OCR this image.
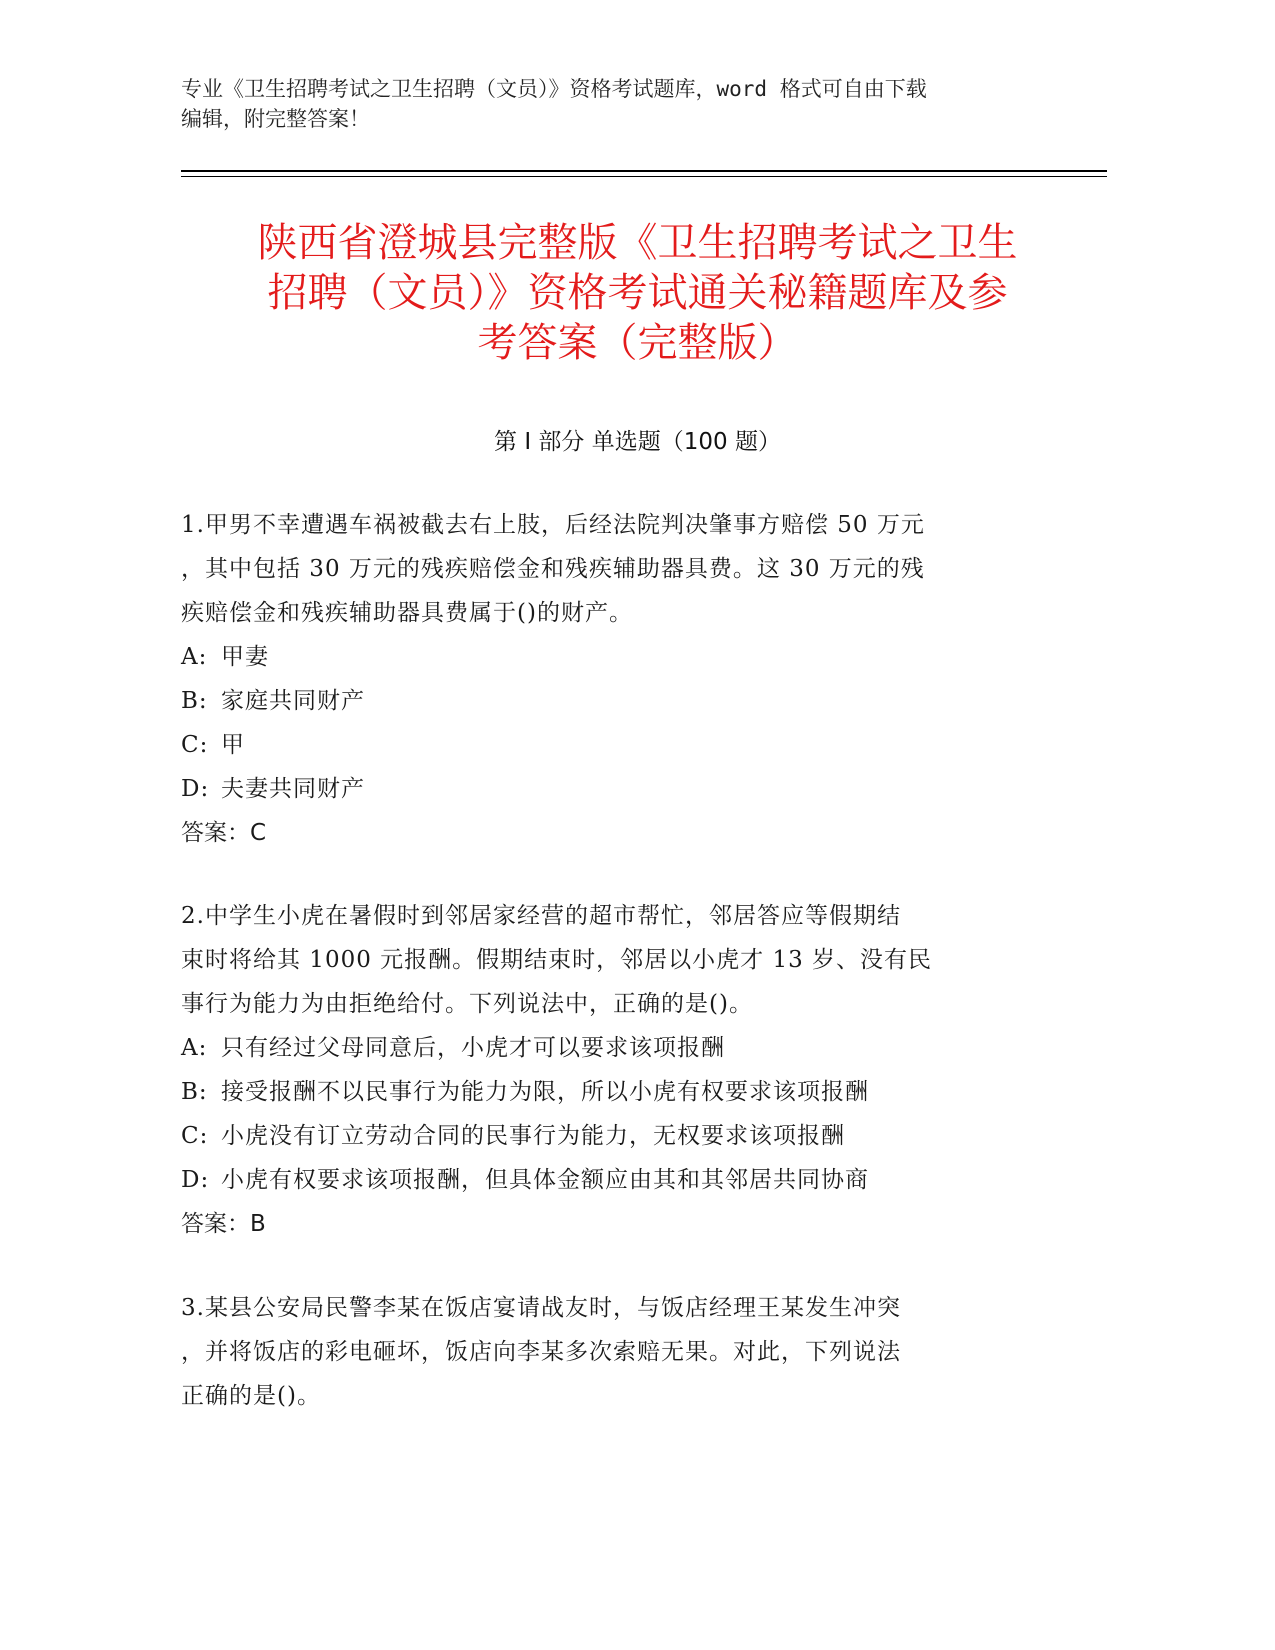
专业《卫生招聘考试之卫生招聘（文员）》资格考试题库，word 格式可自由下载
编辑，附完整答案！
陕西省澄城县完整版《卫生招聘考试之卫生
招聘（文员）》资格考试通关秘籍题库及参
考答案（完整版）
第 I 部分 单选题（100 题）

1.甲男不幸遭遇车祸被截去右上肢，后经法院判决肇事方赔偿 50 万元

，其中包括 30 万元的残疾赔偿金和残疾辅助器具费。这 30 万元的残

疾赔偿金和残疾辅助器具费属于()的财产。

A: 甲妻

B: 家庭共同财产

C: 甲

D: 夫妻共同财产

答案：C

2.中学生小虎在暑假时到邻居家经营的超市帮忙，邻居答应等假期结

束时将给其 1000 元报酬。假期结束时，邻居以小虎才 13 岁、没有民

事行为能力为由拒绝给付。下列说法中，正确的是()。

A: 只有经过父母同意后，小虎才可以要求该项报酬

B: 接受报酬不以民事行为能力为限，所以小虎有权要求该项报酬

C: 小虎没有订立劳动合同的民事行为能力，无权要求该项报酬

D: 小虎有权要求该项报酬，但具体金额应由其和其邻居共同协商

答案：B

3.某县公安局民警李某在饭店宴请战友时，与饭店经理王某发生冲突

，并将饭店的彩电砸坏，饭店向李某多次索赔无果。对此，下列说法

正确的是()。
